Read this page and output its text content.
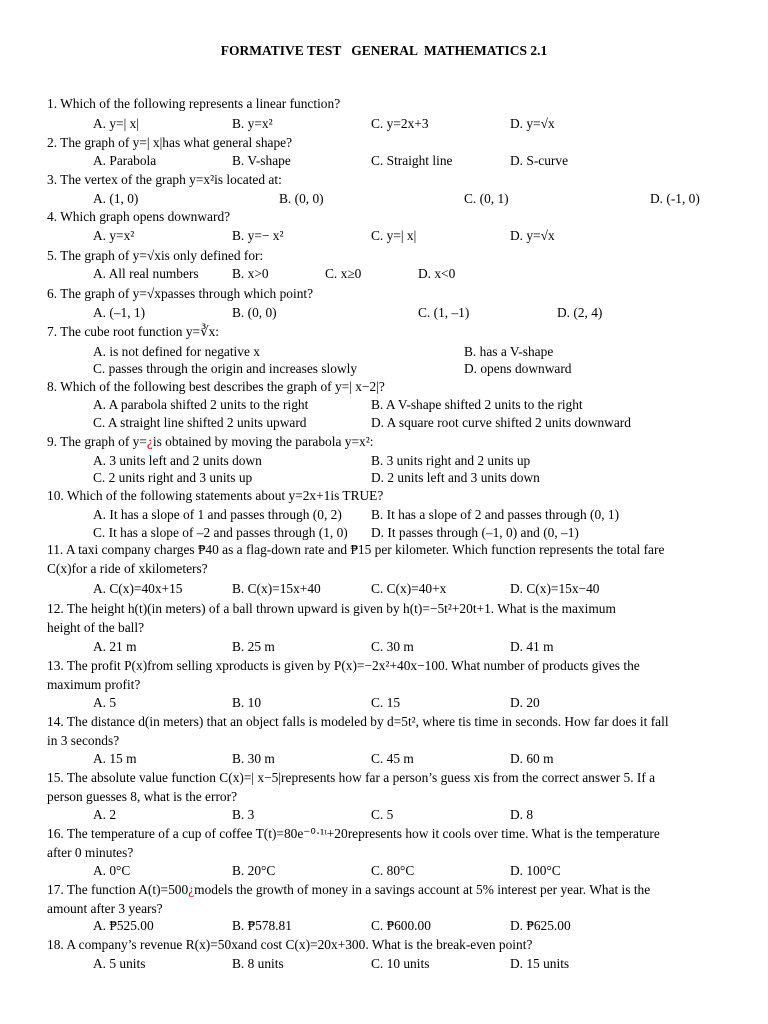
FORMATIVE TEST   GENERAL  MATHEMATICS 2.1
1. Which of the following represents a linear function?
A. y=| x|	B. y=x²	C. y=2x+3	D. y=√x
2. The graph of y=| x|has what general shape?
A. Parabola	B. V-shape	C. Straight line	D. S-curve
3. The vertex of the graph y=x²is located at:
A. (1, 0)	B. (0, 0)	C. (0, 1)	D. (-1, 0)
4. Which graph opens downward?
A. y=x²	B. y=− x²	C. y=| x|	D. y=√x
5. The graph of y=√xis only defined for:
A. All real numbers B. x>0	C. x≥0	D. x<0
6. The graph of y=√xpasses through which point?
A. (–1, 1)	B. (0, 0)	C. (1, –1)	D. (2, 4)
7. The cube root function y=∛x:
A. is not defined for negative x	B. has a V-shape
C. passes through the origin and increases slowly	D. opens downward
8. Which of the following best describes the graph of y=| x−2|?
A. A parabola shifted 2 units to the right	B. A V-shape shifted 2 units to the right
C. A straight line shifted 2 units upward	D. A square root curve shifted 2 units downward
9. The graph of y=¿is obtained by moving the parabola y=x²:
A. 3 units left and 2 units down	B. 3 units right and 2 units up
C. 2 units right and 3 units up	D. 2 units left and 3 units down
10. Which of the following statements about y=2x+1is TRUE?
A. It has a slope of 1 and passes through (0, 2) B. It has a slope of 2 and passes through (0, 1)
C. It has a slope of –2 and passes through (1, 0) D. It passes through (–1, 0) and (0, –1)
11. A taxi company charges ₱40 as a flag-down rate and ₱15 per kilometer. Which function represents the total fare
C(x)for a ride of xkilometers?
A. C(x)=40x+15	B. C(x)=15x+40	C. C(x)=40+x	D. C(x)=15x−40
12. The height h(t)(in meters) of a ball thrown upward is given by h(t)=−5t²+20t+1. What is the maximum
height of the ball?
A. 21 m	B. 25 m	C. 30 m	D. 41 m
13. The profit P(x)from selling xproducts is given by P(x)=−2x²+40x−100. What number of products gives the
maximum profit?
A. 5	B. 10	C. 15	D. 20
14. The distance d(in meters) that an object falls is modeled by d=5t², where tis time in seconds. How far does it fall
in 3 seconds?
A. 15 m	B. 30 m	C. 45 m	D. 60 m
15. The absolute value function C(x)=| x−5|represents how far a person’s guess xis from the correct answer 5. If a
person guesses 8, what is the error?
A. 2	B. 3	C. 5	D. 8
16. The temperature of a cup of coffee T(t)=80e⁻⁰·¹ᵗ+20represents how it cools over time. What is the temperature
after 0 minutes?
A. 0°C	B. 20°C	C. 80°C	D. 100°C
17. The function A(t)=500¿models the growth of money in a savings account at 5% interest per year. What is the
amount after 3 years?
A. ₱525.00	B. ₱578.81	C. ₱600.00	D. ₱625.00
18. A company’s revenue R(x)=50xand cost C(x)=20x+300. What is the break-even point?
A. 5 units	B. 8 units	C. 10 units	D. 15 units
